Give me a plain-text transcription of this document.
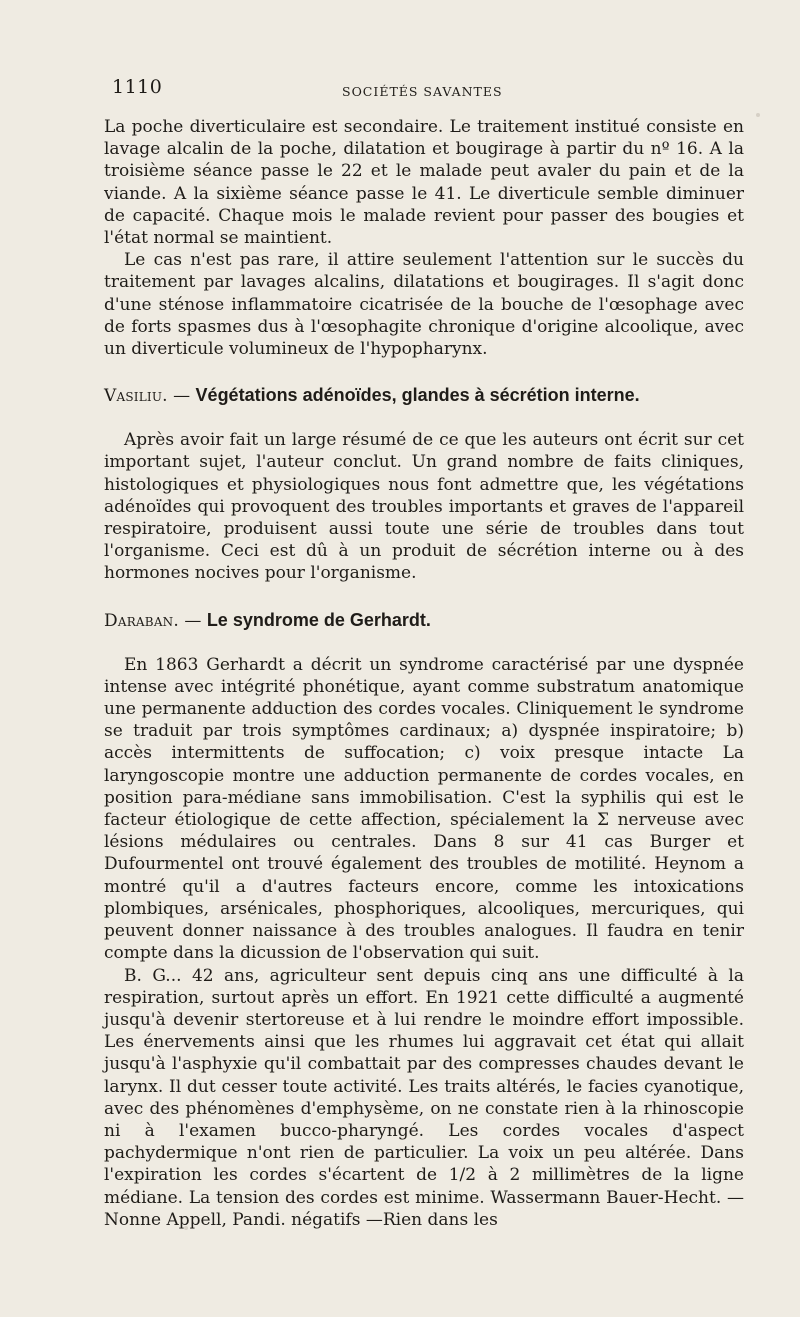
1110	SOCIÉTÉS SAVANTES

La poche diverticulaire est secondaire. Le traitement institué consiste en lavage alcalin de la poche, dilatation et bougirage à partir du nº 16. A la troisième séance passe le 22 et le malade peut avaler du pain et de la viande. A la sixième séance passe le 41. Le diverticule semble diminuer de capacité. Chaque mois le malade revient pour passer des bougies et l'état normal se maintient.

Le cas n'est pas rare, il attire seulement l'attention sur le succès du traitement par lavages alcalins, dilatations et bougirages. Il s'agit donc d'une sténose inflammatoire cicatrisée de la bouche de l'œsophage avec de forts spasmes dus à l'œsophagite chronique d'origine alcoolique, avec un diverticule volumineux de l'hypopharynx.

Vasiliu. — Végétations adénoïdes, glandes à sécrétion interne.

Après avoir fait un large résumé de ce que les auteurs ont écrit sur cet important sujet, l'auteur conclut. Un grand nombre de faits cliniques, histologiques et physiologiques nous font admettre que, les végétations adénoïdes qui provoquent des troubles importants et graves de l'appareil respiratoire, produisent aussi toute une série de troubles dans tout l'organisme. Ceci est dû à un produit de sécrétion interne ou à des hormones nocives pour l'organisme.

Daraban. — Le syndrome de Gerhardt.

En 1863 Gerhardt a décrit un syndrome caractérisé par une dyspnée intense avec intégrité phonétique, ayant comme substratum anatomique une permanente adduction des cordes vocales. Cliniquement le syndrome se traduit par trois symptômes cardinaux; a) dyspnée inspiratoire; b) accès intermittents de suffocation; c) voix presque intacte La laryngoscopie montre une adduction permanente de cordes vocales, en position para-médiane sans immobilisation. C'est la syphilis qui est le facteur étiologique de cette affection, spécialement la Σ nerveuse avec lésions médulaires ou centrales. Dans 8 sur 41 cas Burger et Dufourmentel ont trouvé également des troubles de motilité. Heynom a montré qu'il a d'autres facteurs encore, comme les intoxications plombiques, arsénicales, phosphoriques, alcooliques, mercuriques, qui peuvent donner naissance à des troubles analogues. Il faudra en tenir compte dans la dicussion de l'observation qui suit.

B. G... 42 ans, agriculteur sent depuis cinq ans une difficulté à la respiration, surtout après un effort. En 1921 cette difficulté a augmenté jusqu'à devenir stertoreuse et à lui rendre le moindre effort impossible. Les énervements ainsi que les rhumes lui aggravait cet état qui allait jusqu'à l'asphyxie qu'il combattait par des compresses chaudes devant le larynx. Il dut cesser toute activité. Les traits altérés, le facies cyanotique, avec des phénomènes d'emphysème, on ne constate rien à la rhinoscopie ni à l'examen bucco-pharyngé. Les cordes vocales d'aspect pachydermique n'ont rien de particulier. La voix un peu altérée. Dans l'expiration les cordes s'écartent de 1/2 à 2 millimètres de la ligne médiane. La tension des cordes est minime. Wassermann Bauer-Hecht. —Nonne Appell, Pandi. négatifs —Rien dans les
